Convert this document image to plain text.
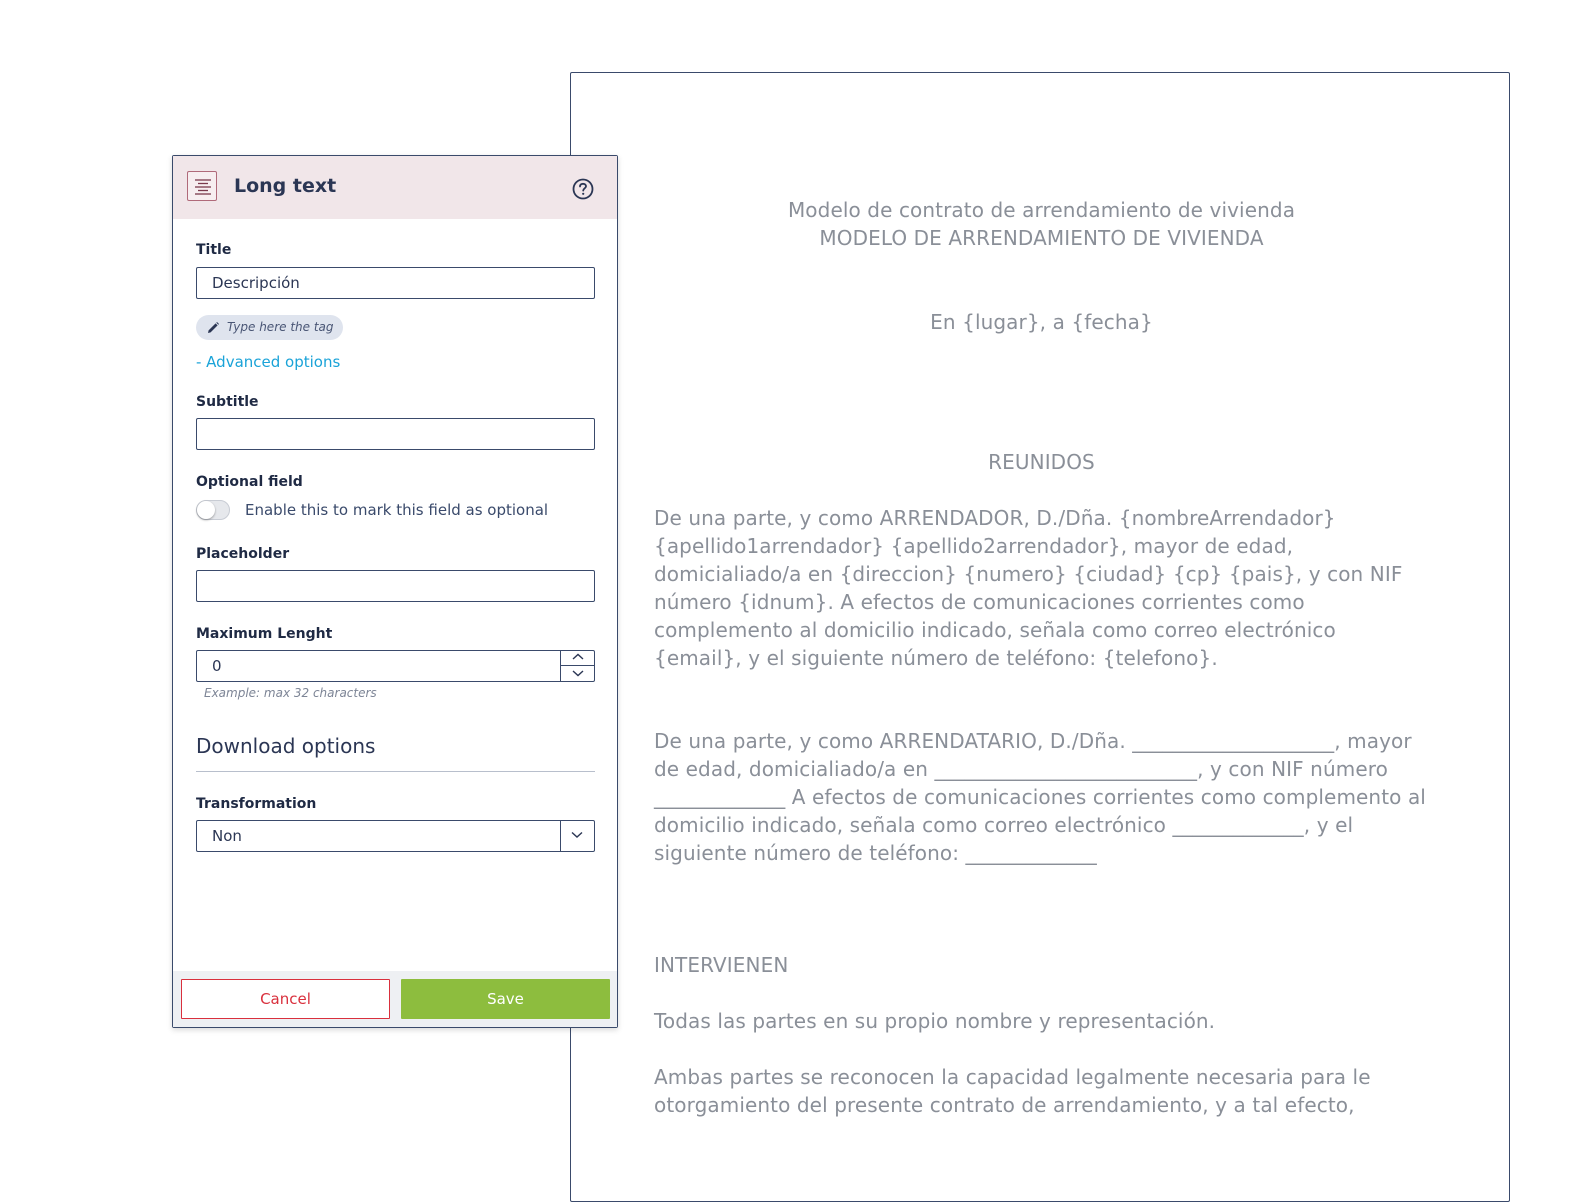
Modelo de contrato de arrendamiento de vivienda
MODELO DE ARRENDAMIENTO DE VIVIENDA

En {lugar}, a {fecha}

REUNIDOS

De una parte, y como ARRENDADOR, D./Dña. {nombreArrendador} {apellido1arrendador} {apellido2arrendador}, mayor de edad, domicialiado/a en {direccion} {numero} {ciudad} {cp} {pais}, y con NIF número {idnum}. A efectos de comunicaciones corrientes como complemento al domicilio indicado, señala como correo electrónico {email}, y el siguiente número de teléfono: {telefono}.

De una parte, y como ARRENDATARIO, D./Dña. ____________________, mayor de edad, domicialiado/a en __________________________, y con NIF número _____________ A efectos de comunicaciones corrientes como complemento al domicilio indicado, señala como correo electrónico _____________, y el siguiente número de teléfono: _____________

INTERVIENEN

Todas las partes en su propio nombre y representación.

Ambas partes se reconocen la capacidad legalmente necesaria para le otorgamiento del presente contrato de arrendamiento, y a tal efecto,

Long text
Title
Descripción
Type here the tag
- Advanced options
Subtitle
Optional field
Enable this to mark this field as optional
Placeholder
Maximum Lenght
0
Example: max 32 characters
Download options
Transformation
Non
Cancel	Save
